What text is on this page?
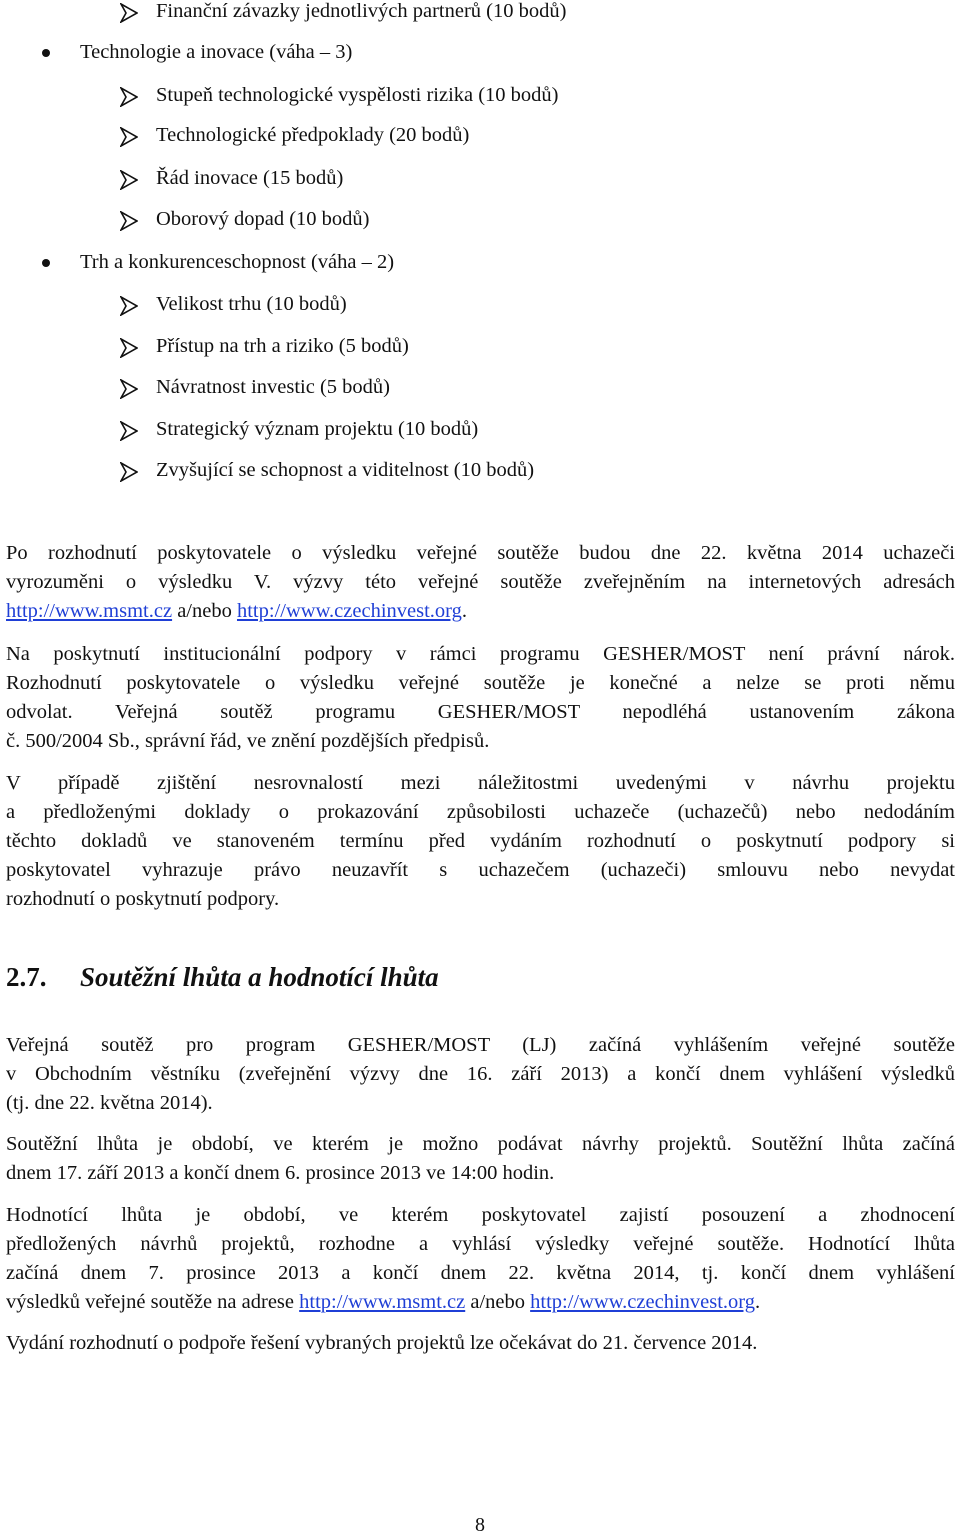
Finanční závazky jednotlivých partnerů (10 bodů)

Technologie a inovace (váha – 3)

Stupeň technologické vyspělosti rizika (10 bodů)

Technologické předpoklady (20 bodů)

Řád inovace (15 bodů)

Oborový dopad (10 bodů)

Trh a konkurenceschopnost (váha – 2)

Velikost trhu (10 bodů)

Přístup na trh a riziko (5 bodů)

Návratnost investic (5 bodů)

Strategický význam projektu (10 bodů)

Zvyšující se schopnost a viditelnost (10 bodů)

Po rozhodnutí poskytovatele o výsledku veřejné soutěže budou dne 22. května 2014 uchazeči

vyrozuměni o výsledku V. výzvy této veřejné soutěže zveřejněním na internetových adresách

http://www.msmt.cz a/nebo http://www.czechinvest.org.

Na poskytnutí institucionální podpory v rámci programu GESHER/MOST není právní nárok.

Rozhodnutí poskytovatele o výsledku veřejné soutěže je konečné a nelze se proti němu

odvolat. Veřejná soutěž programu GESHER/MOST nepodléhá ustanovením zákona

č. 500/2004 Sb., správní řád, ve znění pozdějších předpisů.

V případě zjištění nesrovnalostí mezi náležitostmi uvedenými v návrhu projektu

a předloženými doklady o prokazování způsobilosti uchazeče (uchazečů) nebo nedodáním

těchto dokladů ve stanoveném termínu před vydáním rozhodnutí o poskytnutí podpory si

poskytovatel vyhrazuje právo neuzavřít s uchazečem (uchazeči) smlouvu nebo nevydat

rozhodnutí o poskytnutí podpory.

2.7. Soutěžní lhůta a hodnotící lhůta

Veřejná soutěž pro program GESHER/MOST (LJ) začíná vyhlášením veřejné soutěže

v Obchodním věstníku (zveřejnění výzvy dne 16. září 2013) a končí dnem vyhlášení výsledků

(tj. dne 22. května 2014).

Soutěžní lhůta je období, ve kterém je možno podávat návrhy projektů. Soutěžní lhůta začíná

dnem 17. září 2013 a končí dnem 6. prosince 2013 ve 14:00 hodin.

Hodnotící lhůta je období, ve kterém poskytovatel zajistí posouzení a zhodnocení

předložených návrhů projektů, rozhodne a vyhlásí výsledky veřejné soutěže. Hodnotící lhůta

začíná dnem 7. prosince 2013 a končí dnem 22. května 2014, tj. končí dnem vyhlášení

výsledků veřejné soutěže na adrese http://www.msmt.cz a/nebo http://www.czechinvest.org.

Vydání rozhodnutí o podpoře řešení vybraných projektů lze očekávat do 21. července 2014.

8
